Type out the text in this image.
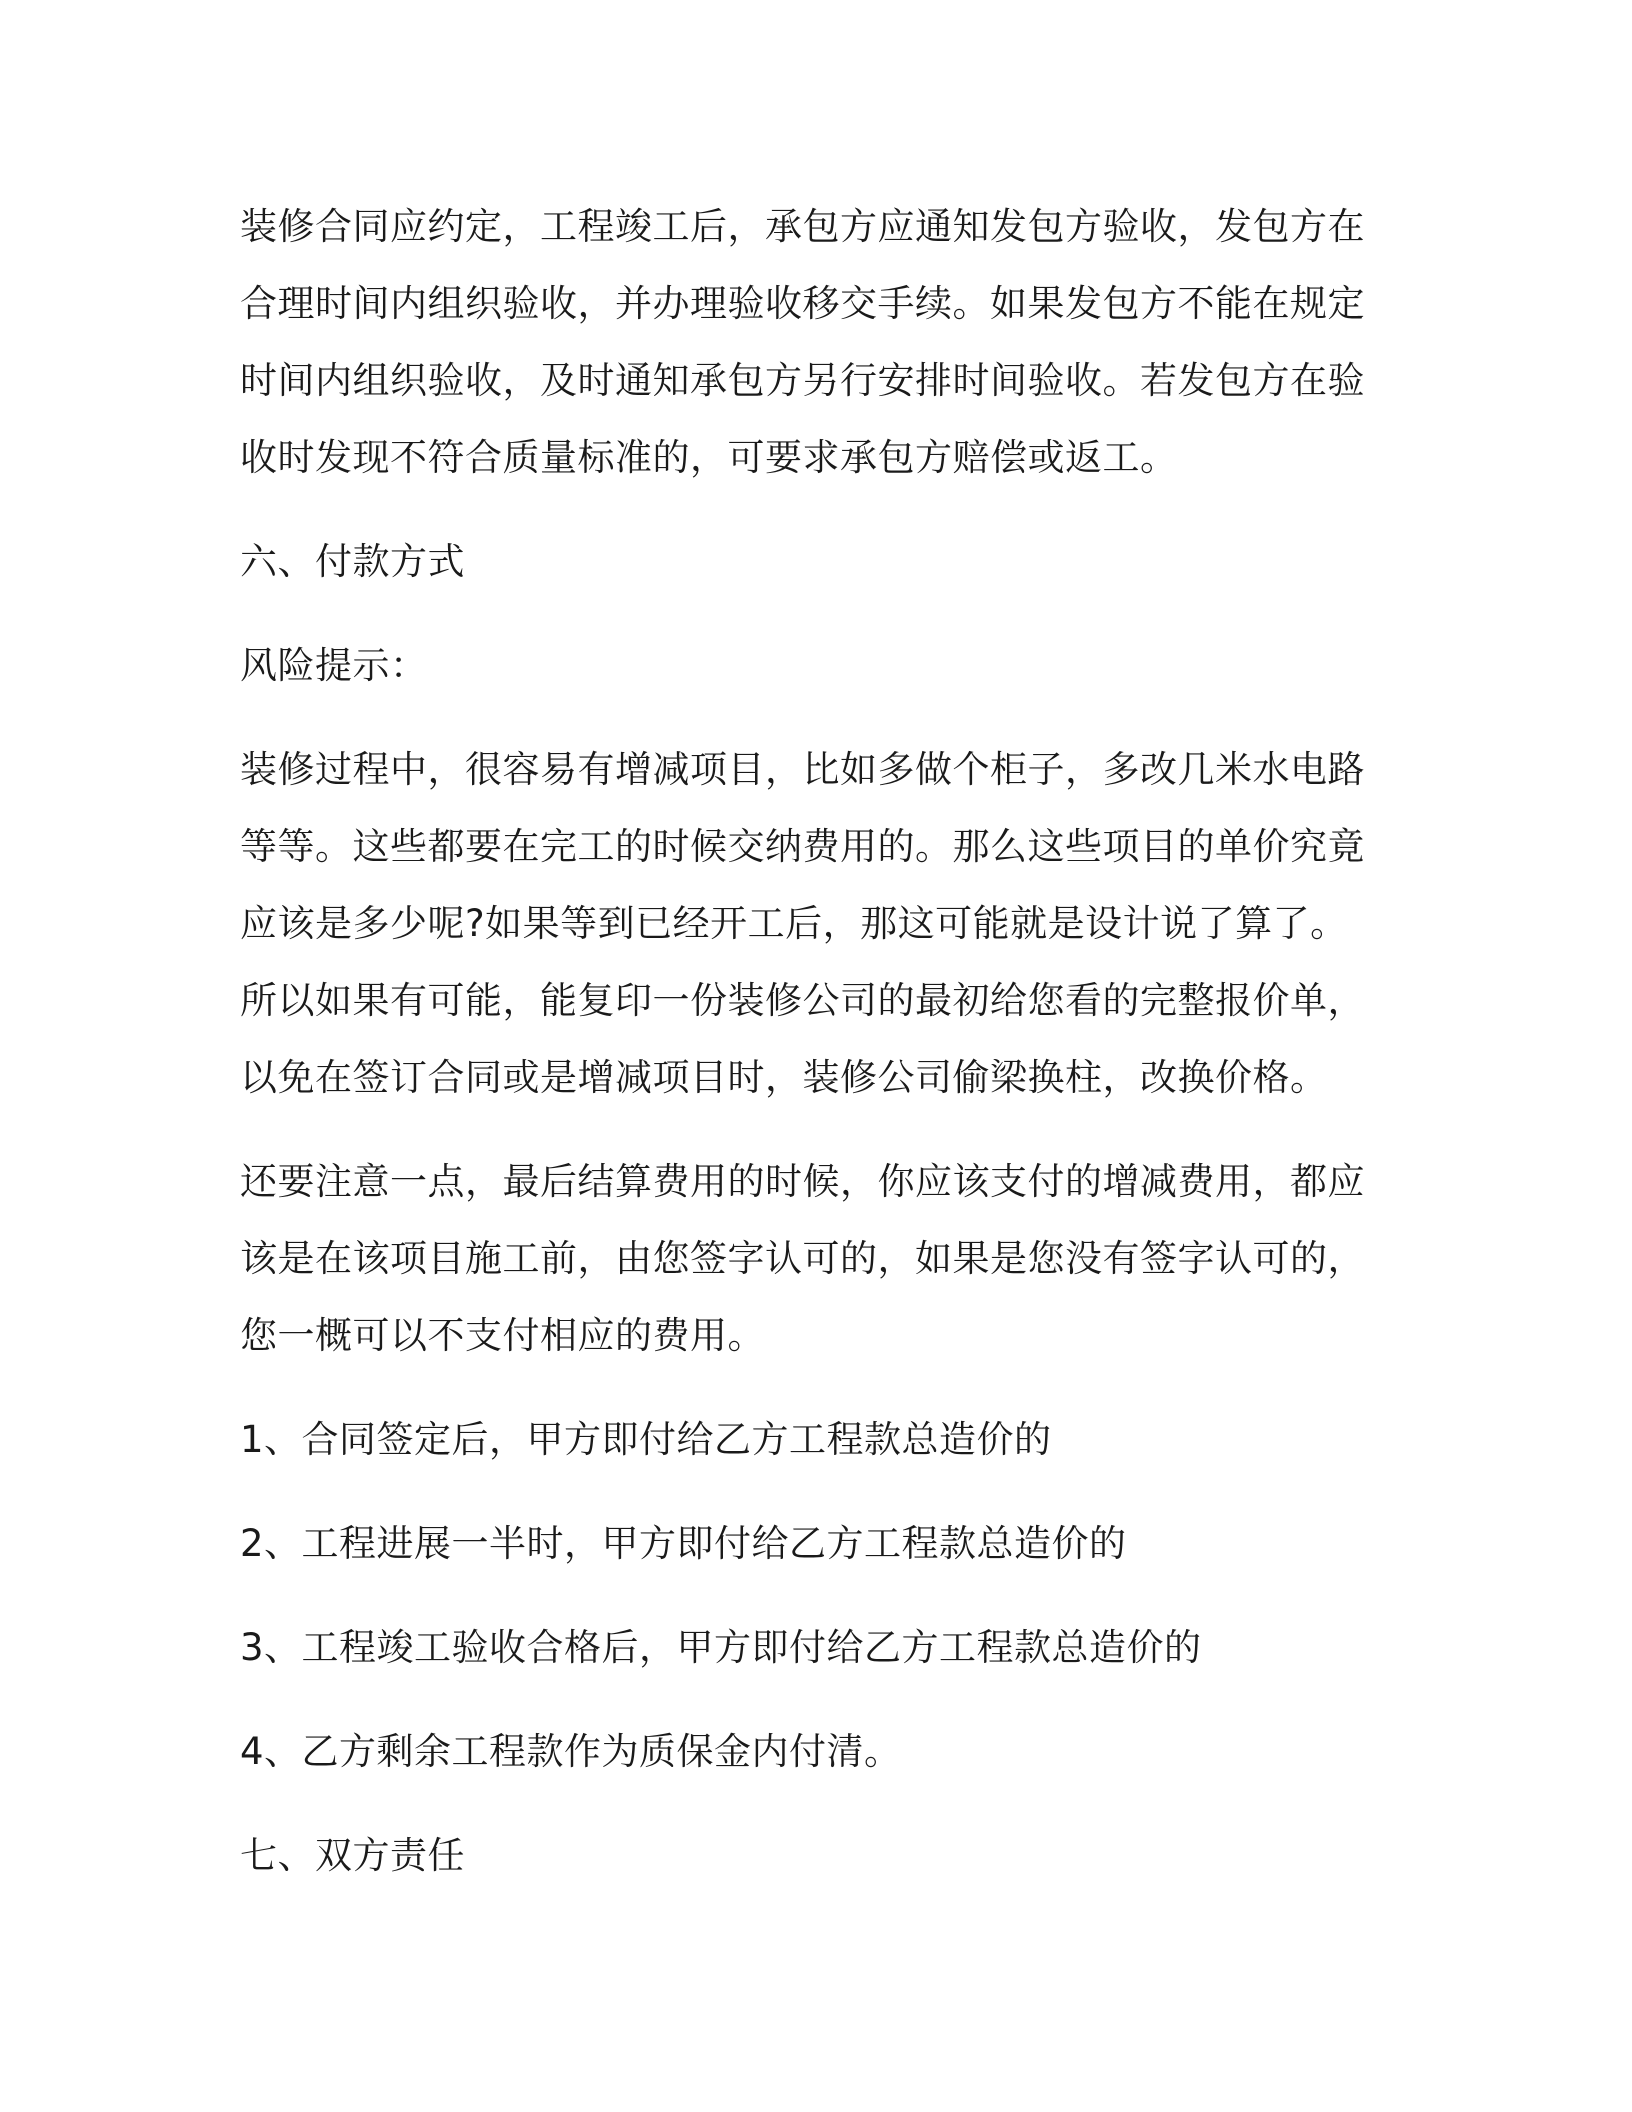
装修合同应约定，工程竣工后，承包方应通知发包方验收，发包方在合理时间内组织验收，并办理验收移交手续。如果发包方不能在规定时间内组织验收，及时通知承包方另行安排时间验收。若发包方在验收时发现不符合质量标准的，可要求承包方赔偿或返工。

六、付款方式

风险提示：

装修过程中，很容易有增减项目，比如多做个柜子，多改几米水电路等等。这些都要在完工的时候交纳费用的。那么这些项目的单价究竟应该是多少呢?如果等到已经开工后，那这可能就是设计说了算了。所以如果有可能，能复印一份装修公司的最初给您看的完整报价单，以免在签订合同或是增减项目时，装修公司偷梁换柱，改换价格。

还要注意一点，最后结算费用的时候，你应该支付的增减费用，都应该是在该项目施工前，由您签字认可的，如果是您没有签字认可的，您一概可以不支付相应的费用。

1、合同签定后，甲方即付给乙方工程款总造价的

2、工程进展一半时，甲方即付给乙方工程款总造价的

3、工程竣工验收合格后，甲方即付给乙方工程款总造价的

4、乙方剩余工程款作为质保金内付清。

七、双方责任
